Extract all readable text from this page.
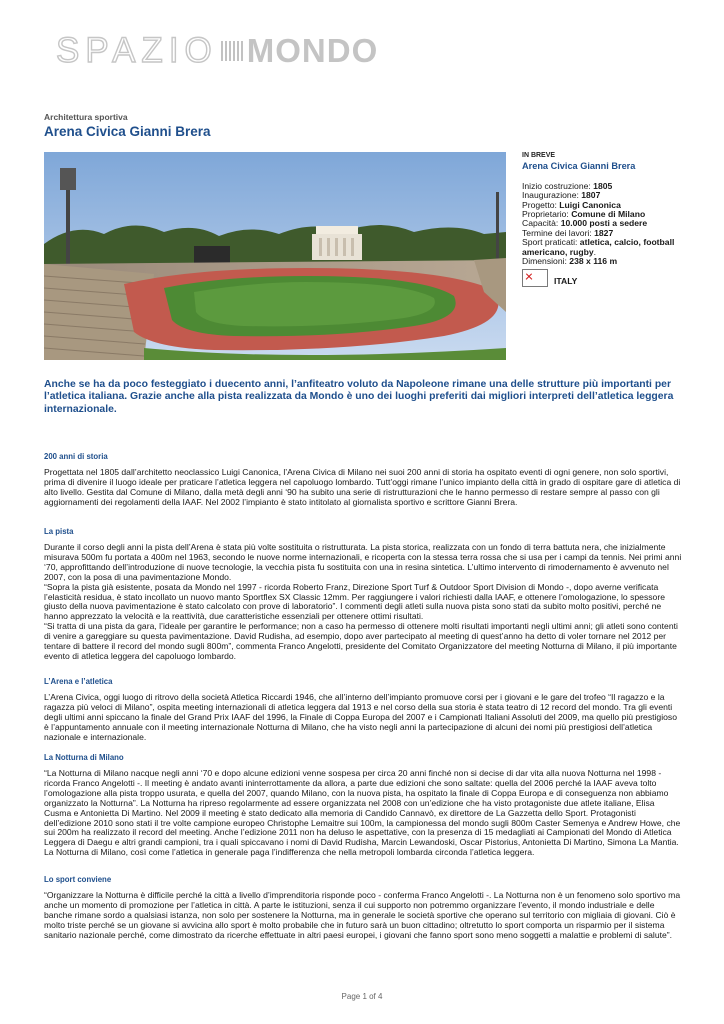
SPAZIO MONDO
Architettura sportiva
Arena Civica Gianni Brera
IN BREVE
Arena Civica Gianni Brera
Inizio costruzione: 1805
Inaugurazione: 1807
Progetto: Luigi Canonica
Proprietario: Comune di Milano
Capacità: 10.000 posti a sedere
Termine dei lavori: 1827
Sport praticati: atletica, calcio, football americano, rugby.
Dimensioni: 238 x 116 m
ITALY

Anche se ha da poco festeggiato i duecento anni, l’anfiteatro voluto da Napoleone rimane una delle strutture più importanti per l’atletica italiana. Grazie anche alla pista realizzata da Mondo è uno dei luoghi preferiti dai migliori interpreti dell’atletica leggera internazionale.

200 anni di storia

Progettata nel 1805 dall’architetto neoclassico Luigi Canonica, l’Arena Civica di Milano nei suoi 200 anni di storia ha ospitato eventi di ogni genere, non solo sportivi, prima di divenire il luogo ideale per praticare l’atletica leggera nel capoluogo lombardo. Tutt’oggi rimane l’unico impianto della città in grado di ospitare gare di atletica di alto livello. Gestita dal Comune di Milano, dalla metà degli anni ‘90 ha subito una serie di ristrutturazioni che le hanno permesso di restare sempre al passo con gli aggiornamenti dei regolamenti della IAAF. Nel 2002 l’impianto è stato intitolato al giornalista sportivo e scrittore Gianni Brera.

La pista

Durante il corso degli anni la pista dell’Arena è stata più volte sostituita o ristrutturata. La pista storica, realizzata con un fondo di terra battuta nera, che inizialmente misurava 500m fu portata a 400m nel 1963, secondo le nuove norme internazionali, e ricoperta con la stessa terra rossa che si usa per i campi da tennis. Nei primi anni ‘70, approfittando dell’introduzione di nuove tecnologie, la vecchia pista fu sostituita con una in resina sintetica. L’ultimo intervento di rimodernamento è avvenuto nel 2007, con la posa di una pavimentazione Mondo.
“Sopra la pista già esistente, posata da Mondo nel 1997 - ricorda Roberto Franz, Direzione Sport Turf & Outdoor Sport Division di Mondo -, dopo averne verificata l’elasticità residua, è stato incollato un nuovo manto Sportflex SX Classic 12mm. Per raggiungere i valori richiesti dalla IAAF, e ottenere l’omologazione, lo spessore giusto della nuova pavimentazione è stato calcolato con prove di laboratorio”. I commenti degli atleti sulla nuova pista sono stati da subito molto positivi, perché ne hanno apprezzato la velocità e la reattività, due caratteristiche essenziali per ottenere ottimi risultati.
“Si tratta di una pista da gara, l’ideale per garantire le performance; non a caso ha permesso di ottenere molti risultati importanti negli ultimi anni; gli atleti sono contenti di venire a gareggiare su questa pavimentazione. David Rudisha, ad esempio, dopo aver partecipato al meeting di quest’anno ha detto di voler tornare nel 2012 per tentare di battere il record del mondo sugli 800m”, commenta Franco Angelotti, presidente del Comitato Organizzatore del meeting Notturna di Milano, il più importante evento di atletica leggera del capoluogo lombardo.

L’Arena e l’atletica

L’Arena Civica, oggi luogo di ritrovo della società Atletica Riccardi 1946, che all’interno dell’impianto promuove corsi per i giovani e le gare del trofeo “Il ragazzo e la ragazza più veloci di Milano”, ospita meeting internazionali di atletica leggera dal 1913 e nel corso della sua storia è stata teatro di 12 record del mondo. Tra gli eventi degli ultimi anni spiccano la finale del Grand Prix IAAF del 1996, la Finale di Coppa Europa del 2007 e i Campionati Italiani Assoluti del 2009, ma quello più prestigioso è l’appuntamento annuale con il meeting internazionale Notturna di Milano, che ha visto negli anni la partecipazione di alcuni dei nomi più prestigiosi dell’atletica nazionale e internazionale.

La Notturna di Milano

“La Notturna di Milano nacque negli anni ‘70 e dopo alcune edizioni venne sospesa per circa 20 anni finché non si decise di dar vita alla nuova Notturna nel 1998 - ricorda Franco Angelotti -. Il meeting è andato avanti ininterrottamente da allora, a parte due edizioni che sono saltate: quella del 2006 perché la IAAF aveva tolto l’omologazione alla pista troppo usurata, e quella del 2007, quando Milano, con la nuova pista, ha ospitato la finale di Coppa Europa e di conseguenza non abbiamo organizzato la Notturna”. La Notturna ha ripreso regolarmente ad essere organizzata nel 2008 con un’edizione che ha visto protagoniste due atlete italiane, Elisa Cusma e Antonietta Di Martino. Nel 2009 il meeting è stato dedicato alla memoria di Candido Cannavò, ex direttore de La Gazzetta dello Sport. Protagonisti dell’edizione 2010 sono stati il tre volte campione europeo Christophe Lemaitre sui 100m, la campionessa del mondo sugli 800m Caster Semenya e Andrew Howe, che sui 200m ha realizzato il record del meeting. Anche l’edizione 2011 non ha deluso le aspettative, con la presenza di 15 medagliati ai Campionati del Mondo di Atletica Leggera di Daegu e altri grandi campioni, tra i quali spiccavano i nomi di David Rudisha, Marcin Lewandoski, Oscar Pistorius, Antonietta Di Martino, Simona La Mantia. La Notturna di Milano, così come l’atletica in generale paga l’indifferenza che nella metropoli lombarda circonda l’atletica leggera.

Lo sport conviene

“Organizzare la Notturna è difficile perché la città a livello d’imprenditoria risponde poco - conferma Franco Angelotti -. La Notturna non è un fenomeno solo sportivo ma anche un momento di promozione per l’atletica in città. A parte le istituzioni, senza il cui supporto non potremmo organizzare l’evento, il mondo industriale e delle banche rimane sordo a qualsiasi istanza, non solo per sostenere la Notturna, ma in generale le società sportive che operano sul territorio con migliaia di giovani. Ciò è molto triste perché se un giovane si avvicina allo sport è molto probabile che in futuro sarà un buon cittadino; oltretutto lo sport comporta un risparmio per il sistema sanitario nazionale perché, come dimostrato da ricerche effettuate in altri paesi europei, i giovani che fanno sport sono meno soggetti a malattie e problemi di salute”.

Page 1 of 4
